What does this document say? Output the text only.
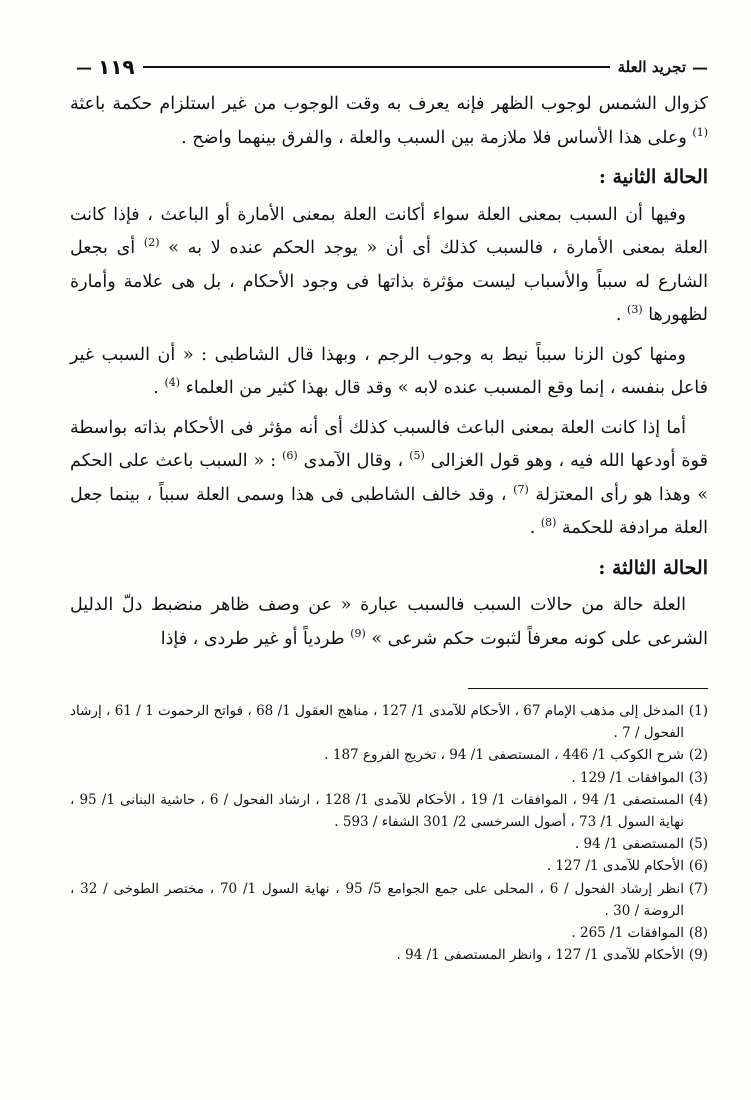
—
تجريد العلة
١١٩
—

كزوال الشمس لوجوب الظهر فإنه يعرف به وقت الوجوب من غير استلزام حكمة باعثة $^{(1)}$ وعلى هذا الأساس فلا ملازمة بين السبب والعلة ، والفرق بينهما واضح .

الحالة الثانية :

وفيها أن السبب بمعنى العلة سواء أكانت العلة بمعنى الأمارة أو الباعث ، فإذا كانت العلة بمعنى الأمارة ، فالسبب كذلك أى أن « يوجد الحكم عنده لا به » $^{(2)}$ أى بجعل الشارع له سبباً والأسباب ليست مؤثرة بذاتها فى وجود الأحكام ، بل هى علامة وأمارة لظهورها $^{(3)}$ .

ومنها كون الزنا سبباً نيط به وجوب الرجم ، وبهذا قال الشاطبى : « أن السبب غير فاعل بنفسه ، إنما وقع المسبب عنده لابه » وقد قال بهذا كثير من العلماء $^{(4)}$ .

أما إذا كانت العلة بمعنى الباعث فالسبب كذلك أى أنه مؤثر فى الأحكام بذاته بواسطة قوة أودعها الله فيه ، وهو قول الغزالى $^{(5)}$ ، وقال الآمدى $^{(6)}$ : « السبب باعث على الحكم » وهذا هو رأى المعتزلة $^{(7)}$ ، وقد خالف الشاطبى فى هذا وسمى العلة سبباً ، بينما جعل العلة مرادفة للحكمة $^{(8)}$ .

الحالة الثالثة :

العلة حالة من حالات السبب فالسبب عبارة « عن وصف ظاهر منضبط دلّ الدليل الشرعى على كونه معرفاً لثبوت حكم شرعى » $^{(9)}$ طردياً أو غير طردى ، فإذا

(1)
المدخل إلى مذهب الإمام 67 ، الأحكام للآمدى 1/ 127 ، مناهج العقول 1/ 68 ، فواتح الرحموت 1 / 61 ، إرشاد الفحول / 7 .
(2)
شرح الكوكب 1/ 446 ، المستصفى 1/ 94 ، تخريج الفروع 187 .
(3)
الموافقات 1/ 129 .
(4)
المستصفى 1/ 94 ، الموافقات 1/ 19 ، الأحكام للآمدى 1/ 128 ، ارشاد الفحول / 6 ، حاشية البنانى 1/ 95 ، نهاية السول 1/ 73 ، أصول السرخسى 2/ 301 الشفاء / 593 .
(5)
المستصفى 1/ 94 .
(6)
الأحكام للآمدى 1/ 127 .
(7)
انظر إرشاد الفحول / 6 ، المحلى على جمع الجوامع 5/ 95 ، نهاية السول 1/ 70 ، مختصر الطوخى / 32 ، الروضة / 30 .
(8)
الموافقات 1/ 265 .
(9)
الأحكام للآمدى 1/ 127 ، وانظر المستصفى 1/ 94 .
